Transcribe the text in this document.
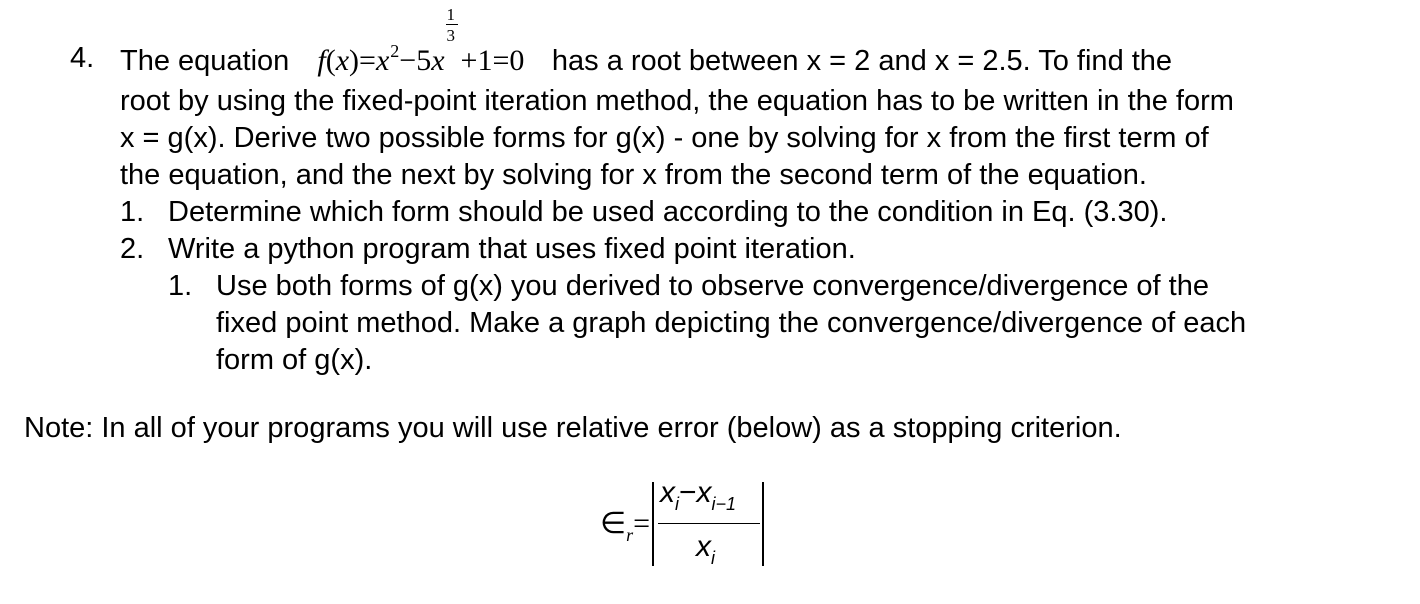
4. The equation $f(x)=x^2-5x \frac{1}{3} +1=0$ has a root between x = 2 and x = 2.5. To find the
root by using the fixed-point iteration method, the equation has to be written in the form
x = g(x). Derive two possible forms for g(x) - one by solving for x from the first term of
the equation, and the next by solving for x from the second term of the equation.
1. Determine which form should be used according to the condition in Eq. (3.30).
2. Write a python program that uses fixed point iteration.
1. Use both forms of g(x) you derived to observe convergence/divergence of the
fixed point method. Make a graph depicting the convergence/divergence of each
form of g(x).
Note: In all of your programs you will use relative error (below) as a stopping criterion.
$\in_r=$
$x_i-x_{i-1}$
$x_i$
